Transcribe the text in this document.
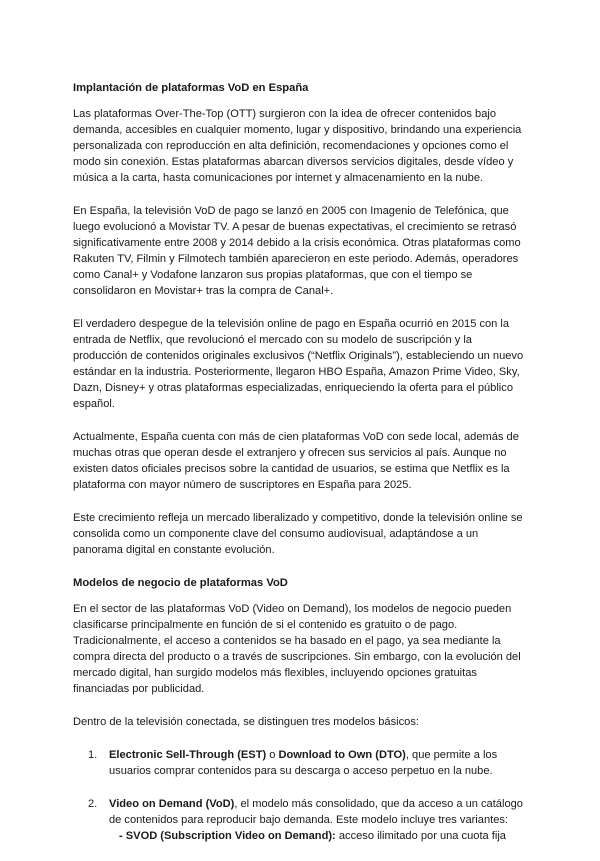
Implantación de plataformas VoD en España

Las plataformas Over-The-Top (OTT) surgieron con la idea de ofrecer contenidos bajo demanda, accesibles en cualquier momento, lugar y dispositivo, brindando una experiencia personalizada con reproducción en alta definición, recomendaciones y opciones como el modo sin conexión. Estas plataformas abarcan diversos servicios digitales, desde vídeo y música a la carta, hasta comunicaciones por internet y almacenamiento en la nube.

En España, la televisión VoD de pago se lanzó en 2005 con Imagenio de Telefónica, que luego evolucionó a Movistar TV. A pesar de buenas expectativas, el crecimiento se retrasó significativamente entre 2008 y 2014 debido a la crisis económica. Otras plataformas como Rakuten TV, Filmin y Filmotech también aparecieron en este periodo. Además, operadores como Canal+ y Vodafone lanzaron sus propias plataformas, que con el tiempo se consolidaron en Movistar+ tras la compra de Canal+.

El verdadero despegue de la televisión online de pago en España ocurrió en 2015 con la entrada de Netflix, que revolucionó el mercado con su modelo de suscripción y la producción de contenidos originales exclusivos (“Netflix Originals”), estableciendo un nuevo estándar en la industria. Posteriormente, llegaron HBO España, Amazon Prime Video, Sky, Dazn, Disney+ y otras plataformas especializadas, enriqueciendo la oferta para el público español.

Actualmente, España cuenta con más de cien plataformas VoD con sede local, además de muchas otras que operan desde el extranjero y ofrecen sus servicios al país. Aunque no existen datos oficiales precisos sobre la cantidad de usuarios, se estima que Netflix es la plataforma con mayor número de suscriptores en España para 2025.

Este crecimiento refleja un mercado liberalizado y competitivo, donde la televisión online se consolida como un componente clave del consumo audiovisual, adaptándose a un panorama digital en constante evolución.

Modelos de negocio de plataformas VoD

En el sector de las plataformas VoD (Video on Demand), los modelos de negocio pueden clasificarse principalmente en función de si el contenido es gratuito o de pago. Tradicionalmente, el acceso a contenidos se ha basado en el pago, ya sea mediante la compra directa del producto o a través de suscripciones. Sin embargo, con la evolución del mercado digital, han surgido modelos más flexibles, incluyendo opciones gratuitas financiadas por publicidad.

Dentro de la televisión conectada, se distinguen tres modelos básicos:

1. Electronic Sell-Through (EST) o Download to Own (DTO), que permite a los usuarios comprar contenidos para su descarga o acceso perpetuo en la nube.
2. Video on Demand (VoD), el modelo más consolidado, que da acceso a un catálogo de contenidos para reproducir bajo demanda. Este modelo incluye tres variantes:
- SVOD (Subscription Video on Demand): acceso ilimitado por una cuota fija
